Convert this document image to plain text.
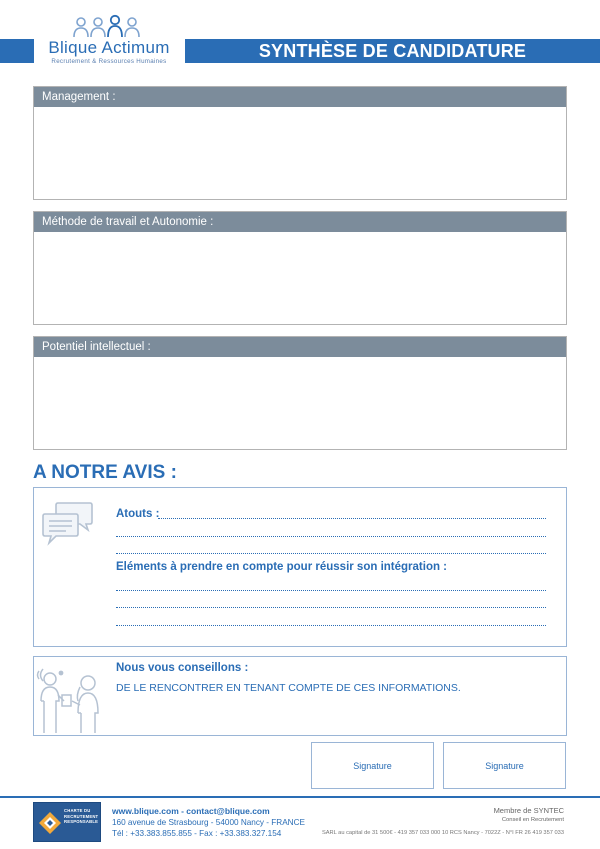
Blique Actimum
Recrutement & Ressources Humaines
SYNTHÈSE DE CANDIDATURE
Management :
Méthode de travail et Autonomie :
Potentiel intellectuel :
A NOTRE AVIS :
Atouts :
Eléments à prendre en compte pour réussir son intégration :
Nous vous conseillons :
DE LE RENCONTRER EN TENANT COMPTE DE CES INFORMATIONS.
Signature	Signature
CHARTE DU
RECRUTEMENT
RESPONSABLE
www.blique.com - contact@blique.com
160 avenue de Strasbourg - 54000 Nancy - FRANCE
Tél : +33.383.855.855 - Fax : +33.383.327.154
Membre de SYNTEC
Conseil en Recrutement
SARL au capital de 31 500€ - 419 357 033 000 10 RCS Nancy - 7022Z - N°I FR 26 419 357 033
